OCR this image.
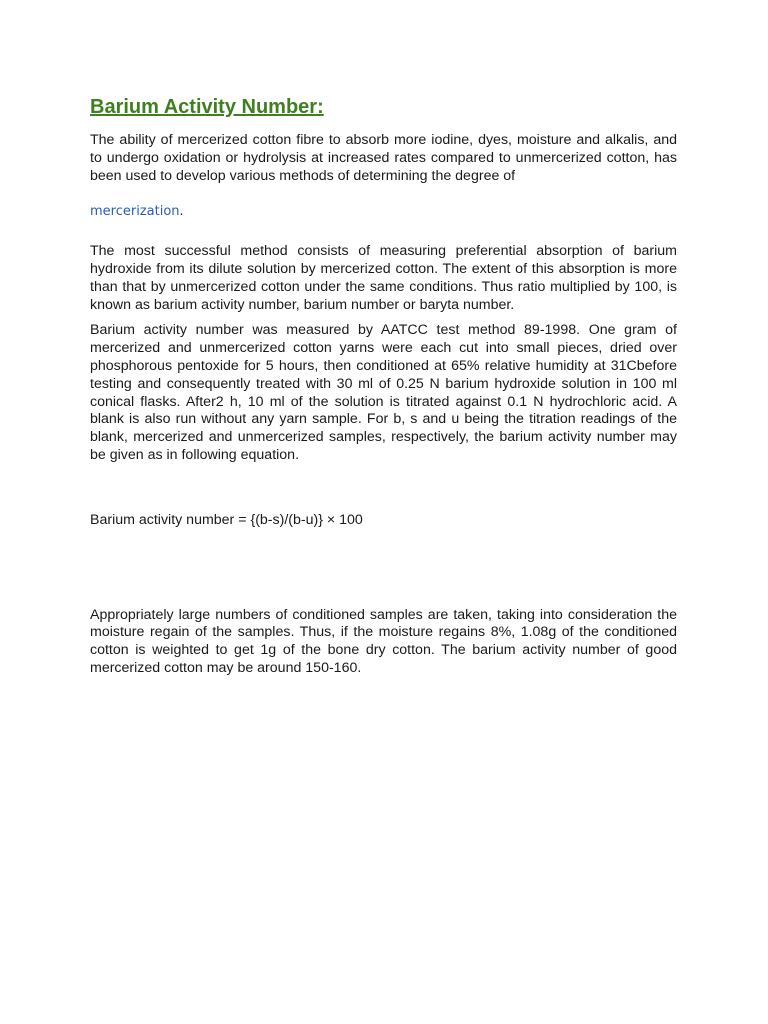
Barium Activity Number:

The ability of mercerized cotton fibre to absorb more iodine, dyes, moisture and alkalis, and to undergo oxidation or hydrolysis at increased rates compared to unmercerized cotton, has been used to develop various methods of determining the degree of

mercerization.

The most successful method consists of measuring preferential absorption of barium hydroxide from its dilute solution by mercerized cotton. The extent of this absorption is more than that by unmercerized cotton under the same conditions. Thus ratio multiplied by 100, is known as barium activity number, barium number or baryta number.

Barium activity number was measured by AATCC test method 89-1998. One gram of mercerized and unmercerized cotton yarns were each cut into small pieces, dried over phosphorous pentoxide for 5 hours, then conditioned at 65% relative humidity at 31Cbefore testing and consequently treated with 30 ml of 0.25 N barium hydroxide solution in 100 ml conical flasks. After2 h, 10 ml of the solution is titrated against 0.1 N hydrochloric acid. A blank is also run without any yarn sample. For b, s and u being the titration readings of the blank, mercerized and unmercerized samples, respectively, the barium activity number may be given as in following equation.

Barium activity number = {(b-s)/(b-u)} × 100

Appropriately large numbers of conditioned samples are taken, taking into consideration the moisture regain of the samples. Thus, if the moisture regains 8%, 1.08g of the conditioned cotton is weighted to get 1g of the bone dry cotton. The barium activity number of good mercerized cotton may be around 150-160.
